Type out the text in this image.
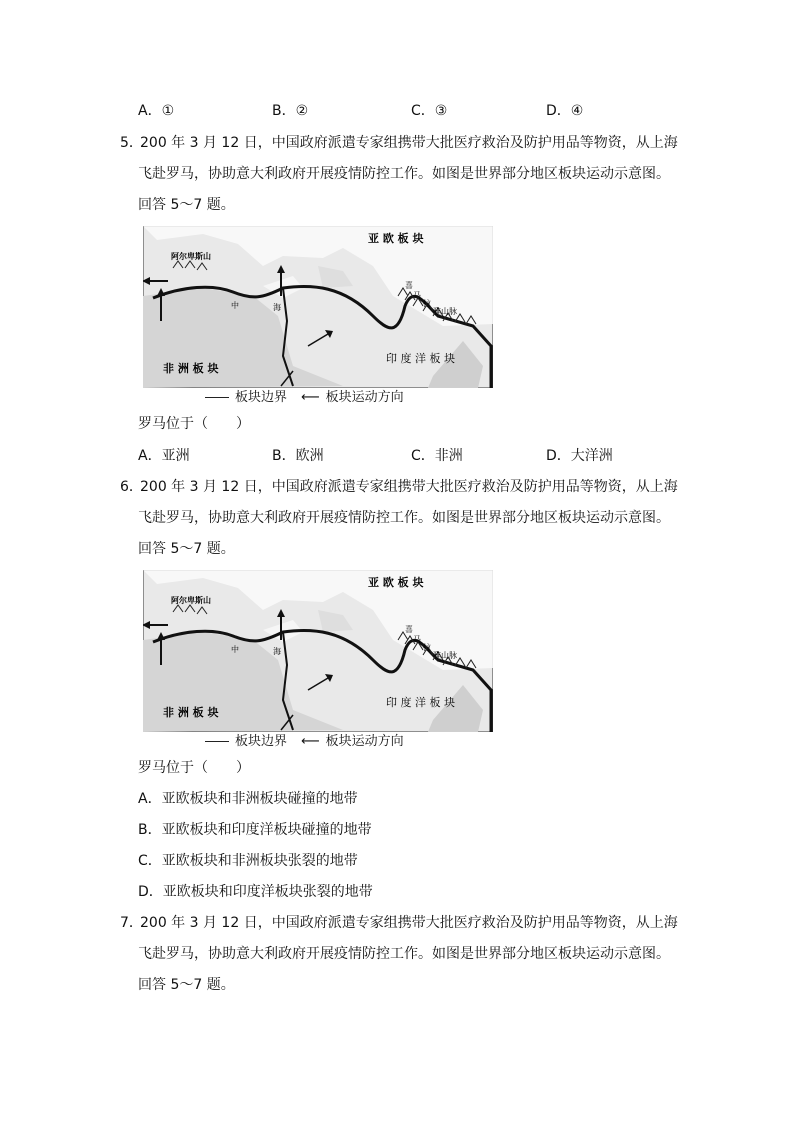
A．①	B．②	C．③	D．④
5．
200 年 3 月 12 日，中国政府派遣专家组携带大批医疗救治及防护用品等物资，从上海
飞赴罗马，协助意大利政府开展疫情防控工作。如图是世界部分地区板块运动示意图。
回答 5～7 题。
亚 欧 板 块
非 洲 板 块
印 度 洋 板 块
阿尔卑斯山
喜
马
拉
雅山脉
中	海
板块边界 ⟵ 板块运动方向
罗马位于（　　）
A．亚洲	B．欧洲	C．非洲	D．大洋洲
6．
200 年 3 月 12 日，中国政府派遣专家组携带大批医疗救治及防护用品等物资，从上海
飞赴罗马，协助意大利政府开展疫情防控工作。如图是世界部分地区板块运动示意图。
回答 5～7 题。
亚 欧 板 块
非 洲 板 块
印 度 洋 板 块
阿尔卑斯山
喜
马
拉
雅山脉
中	海
板块边界 ⟵ 板块运动方向
罗马位于（　　）
A．亚欧板块和非洲板块碰撞的地带
B．亚欧板块和印度洋板块碰撞的地带
C．亚欧板块和非洲板块张裂的地带
D．亚欧板块和印度洋板块张裂的地带
7．
200 年 3 月 12 日，中国政府派遣专家组携带大批医疗救治及防护用品等物资，从上海
飞赴罗马，协助意大利政府开展疫情防控工作。如图是世界部分地区板块运动示意图。
回答 5～7 题。
